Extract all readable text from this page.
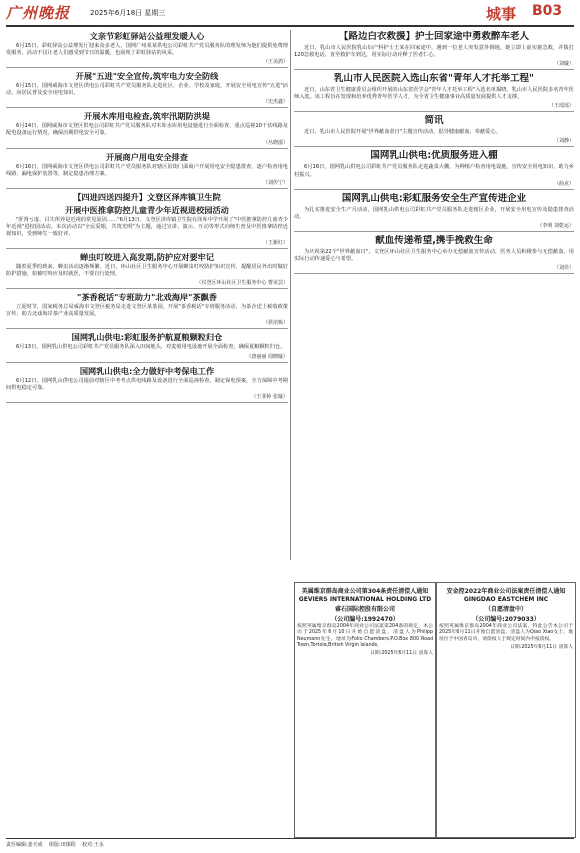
广州晚报	2025年6月18日 星期三	城事 B03
文亲节彩虹驿站公益理发暖人心

6月15日，彩虹驿站公益理发厅迎来众多老人，国网广州某某供电公司彩虹共产党员服务队的理发师为他们提供免费理发服务，活动不仅让老人们感受到节日的温暖，也展现了彩虹驿站的风采。

（王美鸽）
开展"五进"安全宣传,筑牢电力安全防线

6月15日，国网威海市文登区供电公司彩虹共产党员服务队走进社区、企业、学校及家庭，开展安全用电宣传"五进"活动，向居民普及安全用电知识。

（史杰鑫）
开展木库用电检查,筑牢汛期防洪堤

6月14日，国网威海市文登区供电公司彩虹共产党员服务队对木库水库用电设施进行全面检查，重点巡视10千伏线路及配电设备运行情况，确保汛期供电安全可靠。

（丛晓滋）
开展商户用电安全排查

6月16日，国网威海市文登区供电公司彩虹共产党员服务队对辖区沿街门面商户开展用电安全隐患排查，逐户检查用电线路、漏电保护装置等，制定隐患治理方案。

（刘传宁）
【四进四送四提升】文登区泽库镇卫生院
开展中医推拿防控儿童青少年近视进校园活动

"肝肾亏虚、目失所养是近视的常见原因……"6月13日，文登区泽库镇卫生院在泽库中学开展了"中医推拿防控儿童青少年近视"进校园活动。本次活动以"全民爱眼，共筑光明"为主题，通过宣讲、演示、互动等形式向师生普及中医推拿防控近视知识，受到师生一致好评。

（王新红）
蝉虫叮咬进入高发期,防护应对要牢记

随着夏季的到来，蝉虫活动逐渐频繁。近日，环山社区卫生服务中心开展蝉虫叮咬防护知识宣传，提醒居民外出时做好防护措施，如被叮咬应及时就医，不要自行处理。

（仪登区环山社区卫生服务中心 曹美芸）
"茶香税话"专班助力"北戏海岸"茶飘香

立夏时节，国家税务总局威海市文登区税务局走进文登区某茶园，开展"茶香税话"专班服务活动，为茶企送上税收政策宣传，助力北戏海岸茶产业高质量发展。

（侯培栋）
国网乳山供电:彩虹服务护航夏粮颗粒归仓

6月13日，国网乳山供电公司彩虹共产党员服务队深入田间地头，对麦收用电设施开展全面检查，确保夏粮颗粒归仓。

（唐丽丽 周晓璇）
国网乳山供电:全力做好中考保电工作

6月12日，国网乳山供电公司提前对辖区中考考点供电线路及设备进行全面巡视检查，制定保电预案，全力保障中考期间供电稳定可靠。

（王菲婷 张璇）
【路边白衣救援】护士回家途中勇救醉车老人

近日，乳山市人民医院乳山妇产科护士王某在回家途中，遇到一位老人突发意外倒地，她立即上前实施急救，并拨打120急救电话，直至救护车到达，用实际行动诠释了医者仁心。

（刘璇）
乳山市人民医院入选山东省"青年人才托举工程"

近日，山东省卫生健康委员会组织开展的山东省医学会"青年人才托举工程"入选名单揭晓，乳山市人民医院多名青年医师入选。该工程旨在发现和培养优秀青年医学人才，为全省卫生健康事业高质量发展提供人才支撑。

（王瑶瑶）
简讯

近日，乳山市人民医院开展"世界献血者日"主题宣传活动，倡导健康献血，奉献爱心。

（刘静）
国网乳山供电:优质服务进入棚

6月16日，国网乳山供电公司彩虹共产党员服务队走进蔬菜大棚，为种植户检查用电设施，宣传安全用电知识，助力乡村振兴。

（曲克）
国网乳山供电:彩虹服务安全生产宣传进企业

为扎实推进安全生产月活动，国网乳山供电公司彩虹共产党员服务队走进辖区企业，开展安全用电宣传及隐患排查活动。

（李明 刘乾运）
献血传递希望,携手挽救生命

为庆祝第22个"世界献血日"，文登区环山社区卫生服务中心举办无偿献血宣传活动，医务人员积极参与无偿献血，用实际行动传递爱心与希望。

（刘佳）
英属维京群岛商业公司第304条责任清偿人通知
GEVIERS INTERNATIONAL HOLDING LTD
睿石国际控股有限公司
（公司编号:1992470）
按照英属维京群岛2004年商业公司法案第204条的规定，本公司于2025年6月10日开始自愿清盘，清盘人为Philipp Neumann先生，地址为Folio Chambers,P.O.Box 800 Road Town,Tortola,British Virgin Islands。
日期:2025年6月11日 清算人
安金控2022年商业公司法案责任清偿人通知
GINGDAO EASTCHEM INC
（自愿清盘中）
（公司编号:2079033）
按照英属维京群岛2004年商业公司法案，特此公告本公司于2025年6月11日开始自愿清盘，清盘人为Qiao Xiao女士，地址位于中国青岛市，请债权人于规定时间内申报债权。
日期:2025年6月11日 清算人
责任编辑:姜天成 组版:田郁程 校对:王永
